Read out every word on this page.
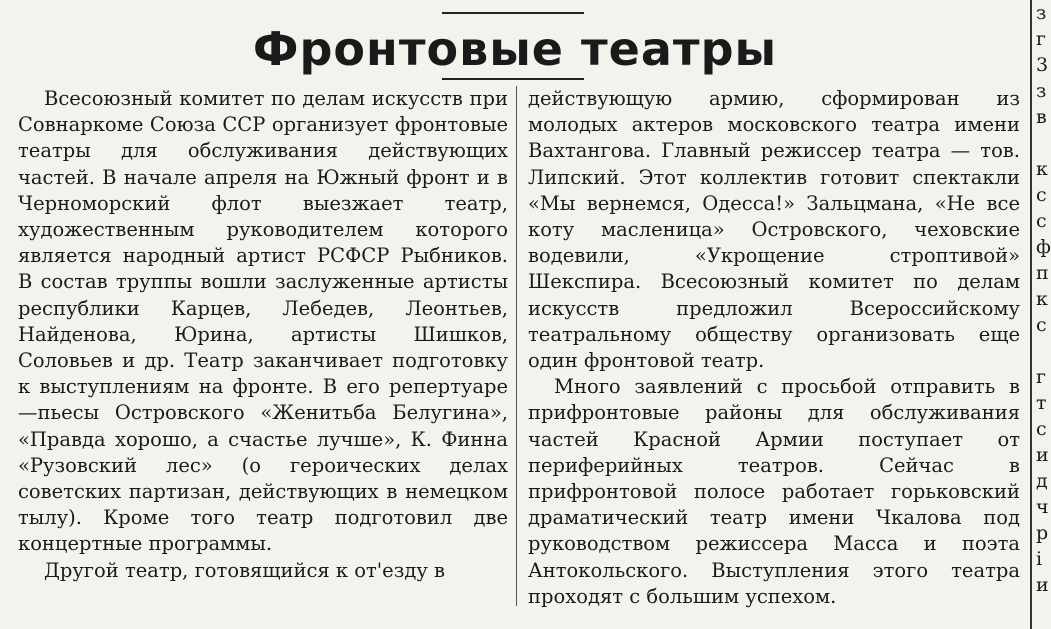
Фронтовые театры

Всесоюзный комитет по делам искусств при Совнаркоме Союза ССР организует фронтовые театры для обслуживания действующих частей. В начале апреля на Южный фронт и в Черноморский флот выезжает театр, художественным руководителем которого является народный артист РСФСР Рыбников. В состав труппы вошли заслуженные артисты республики Карцев, Лебедев, Леонтьев, Найденова, Юрина, артисты Шишков, Соловьев и др. Театр заканчивает подготовку к выступлениям на фронте. В его репертуаре—пьесы Островского «Женитьба Белугина», «Правда хорошо, а счастье лучше», К. Финна «Рузовский лес» (о героических делах советских партизан, действующих в немецком тылу). Кроме того театр подготовил две концертные программы.

Другой театр, готовящийся к от'езду в

действующую армию, сформирован из молодых актеров московского театра имени Вахтангова. Главный режиссер театра — тов. Липский. Этот коллектив готовит спектакли «Мы вернемся, Одесса!» Зальцмана, «Не все коту масленица» Островского, чеховские водевили, «Укрощение строптивой» Шекспира. Всесоюзный комитет по делам искусств предложил Всероссийскому театральному обществу организовать еще один фронтовой театр.

Много заявлений с просьбой отправить в прифронтовые районы для обслуживания частей Красной Армии поступает от периферийных театров. Сейчас в прифронтовой полосе работает горьковский драматический театр имени Чкалова под руководством режиссера Масса и поэта Антокольского. Выступления этого театра проходят с большим успехом.

з
г
3
з
в

к
с
с
ф
п
к
с

г
т
с
и
д
ч
р
і
и
